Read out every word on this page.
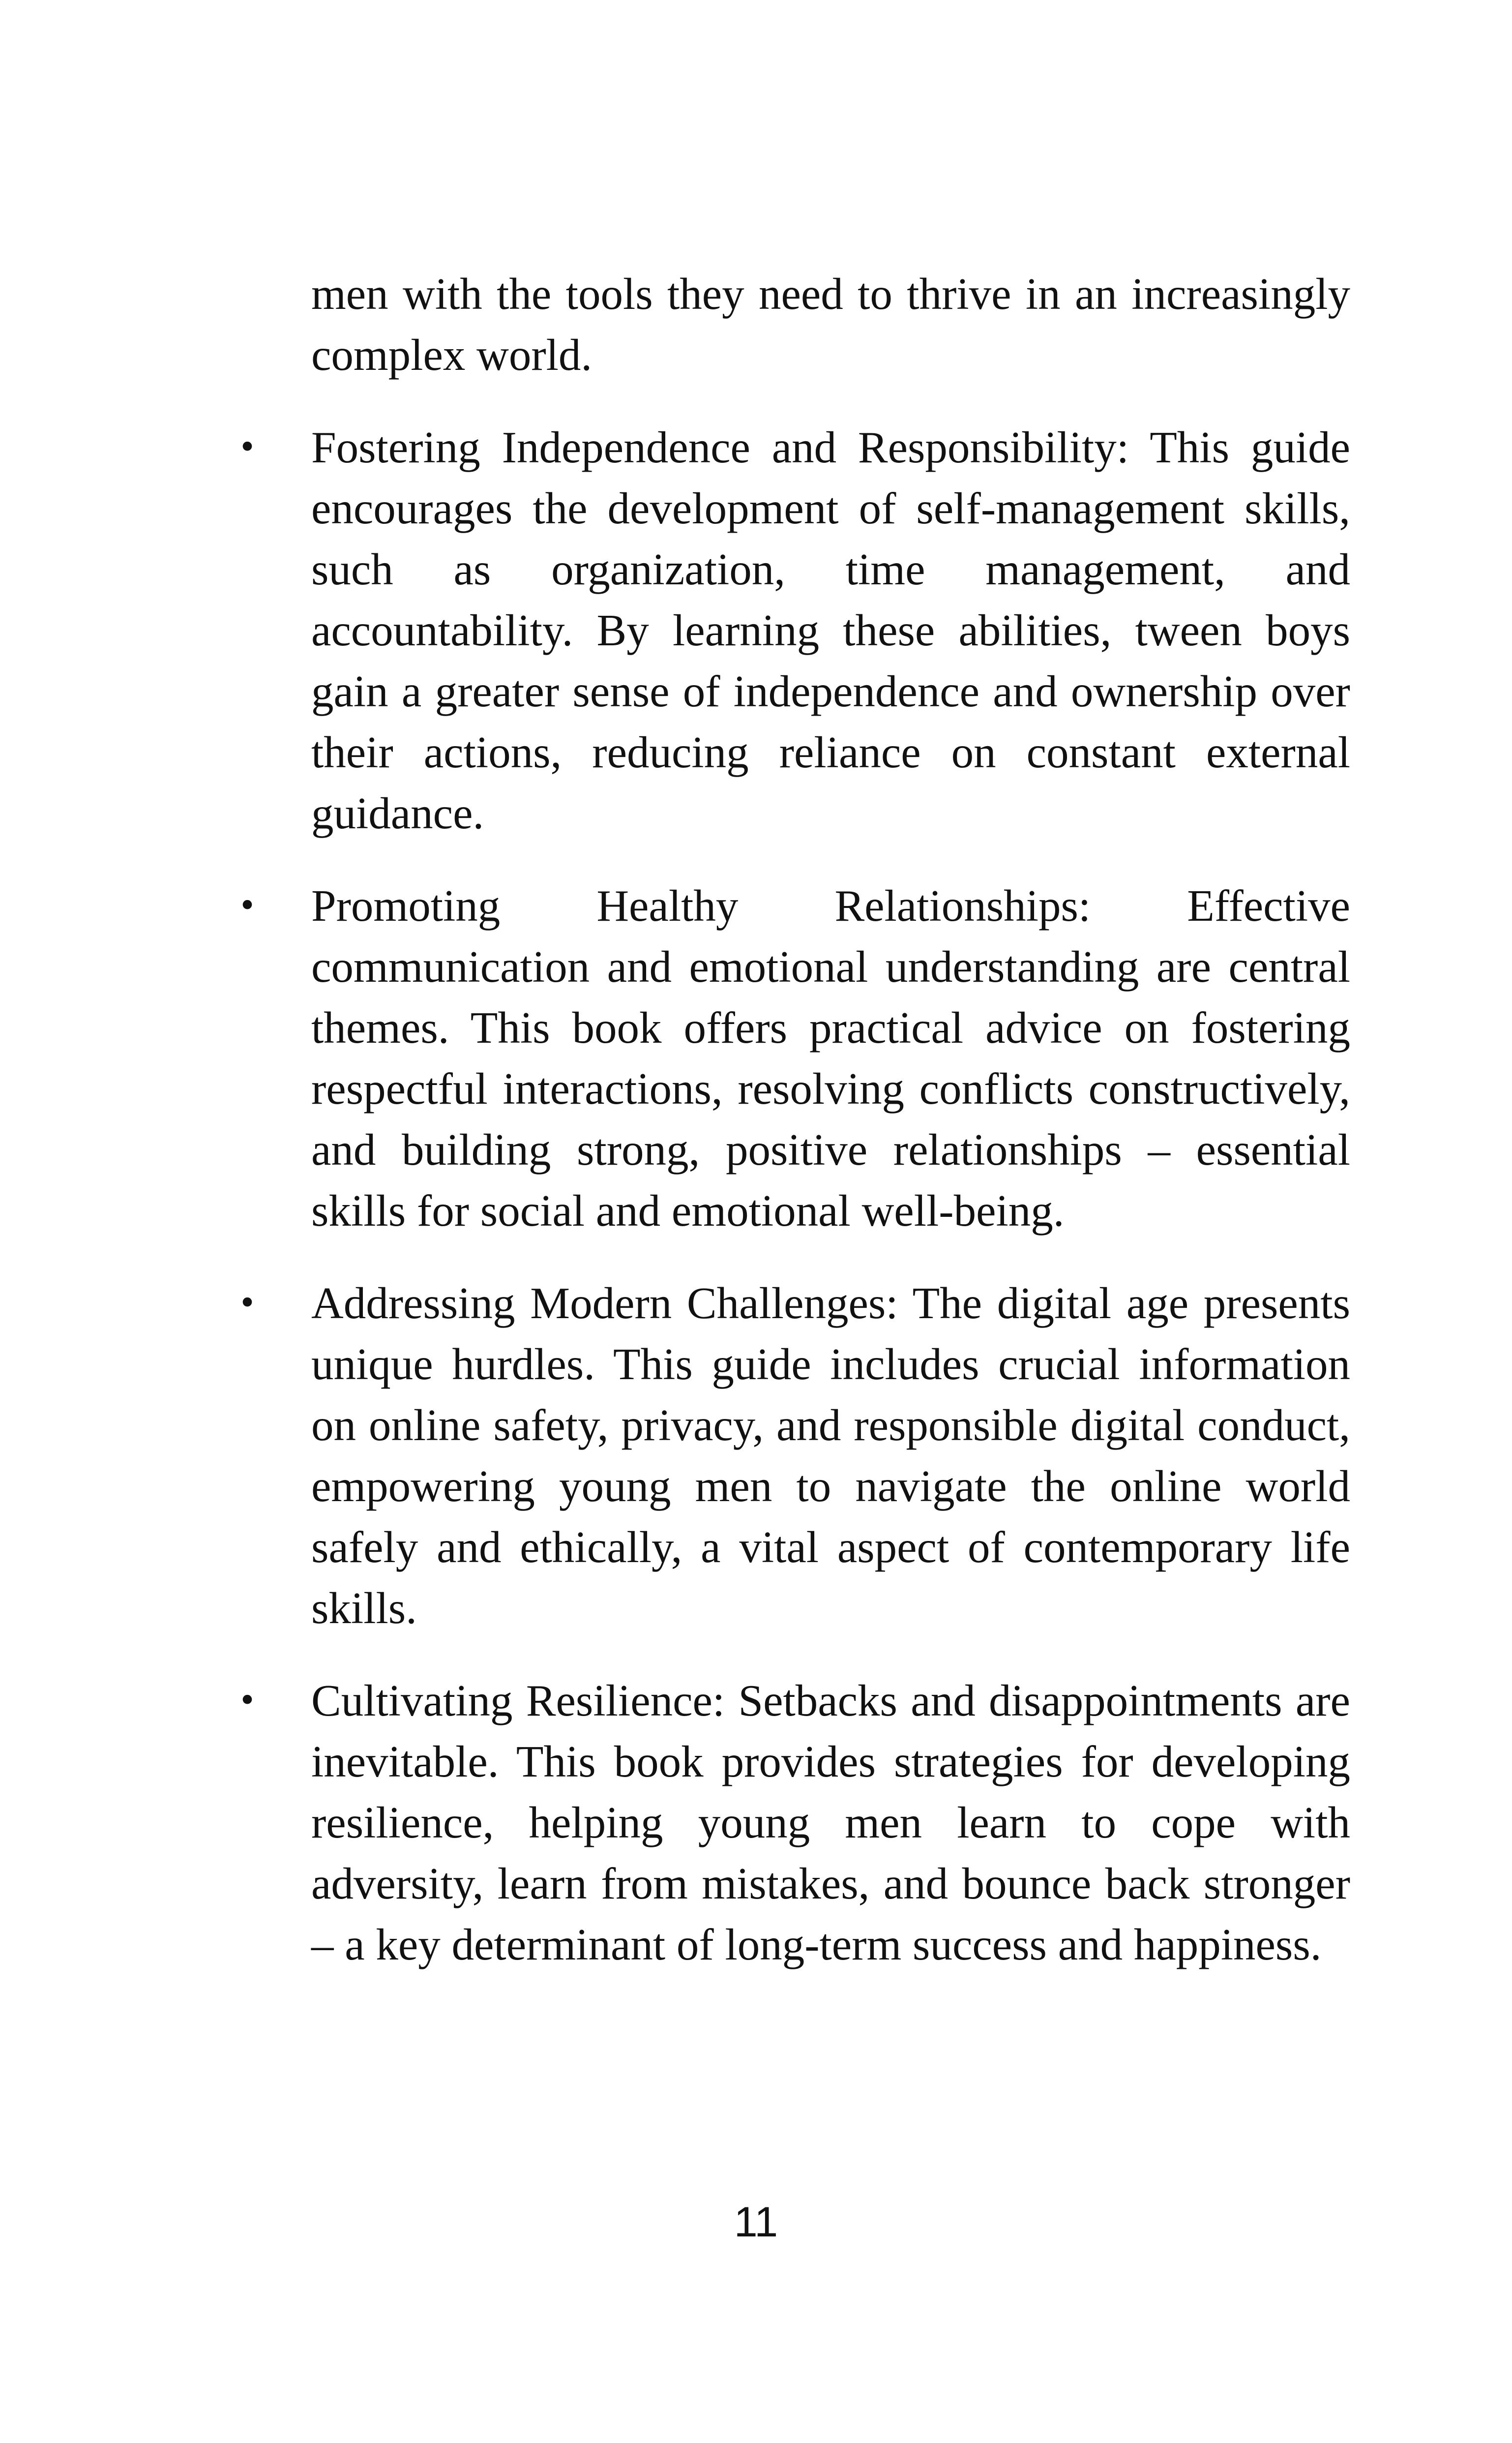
men with the tools they need to thrive in an increasingly complex world.

• Fostering Independence and Responsibility: This guide encourages the development of self-management skills, such as organization, time management, and accountability. By learning these abilities, tween boys gain a greater sense of independence and ownership over their actions, reducing reliance on constant external guidance.
• Promoting Healthy Relationships: Effective communication and emotional understanding are central themes. This book offers practical advice on fostering respectful interactions, resolving conflicts constructively, and building strong, positive relationships – essential skills for social and emotional well-being.
• Addressing Modern Challenges: The digital age presents unique hurdles. This guide includes crucial information on online safety, privacy, and responsible digital conduct, empowering young men to navigate the online world safely and ethically, a vital aspect of contemporary life skills.
• Cultivating Resilience: Setbacks and disappointments are inevitable. This book provides strategies for developing resilience, helping young men learn to cope with adversity, learn from mistakes, and bounce back stronger – a key determinant of long-term success and happiness.
11
